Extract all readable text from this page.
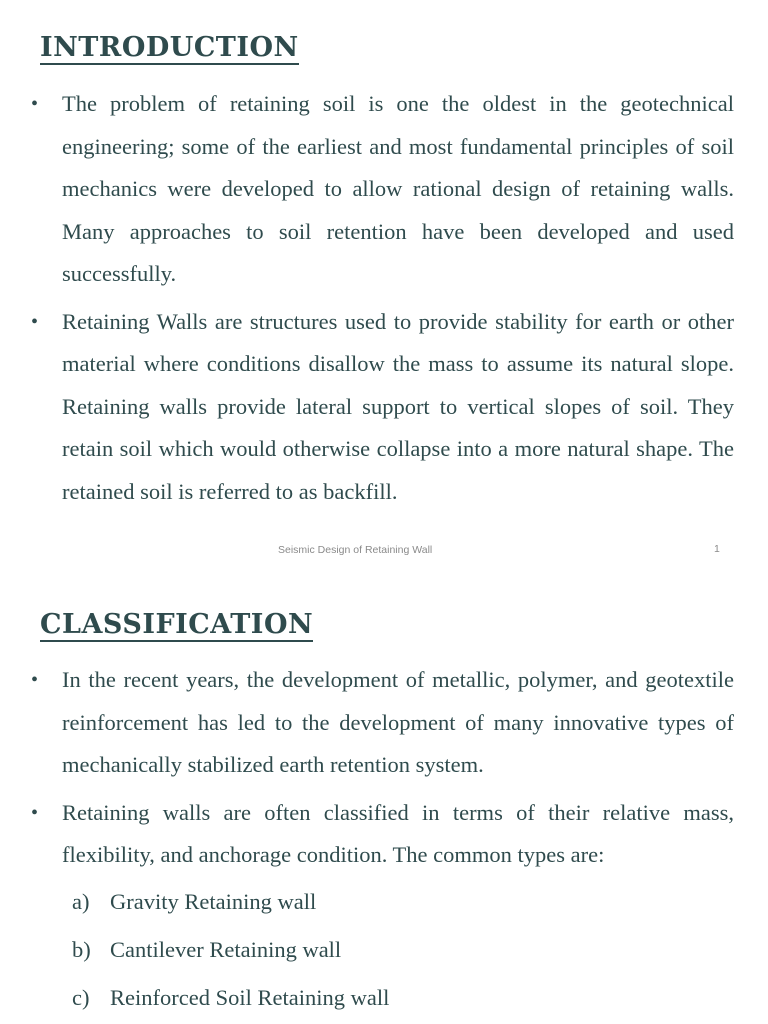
INTRODUCTION
• The problem of retaining soil is one the oldest in the geotechnical engineering; some of the earliest and most fundamental principles of soil mechanics were developed to allow rational design of retaining walls. Many approaches to soil retention have been developed and used successfully.
• Retaining Walls are structures used to provide stability for earth or other material where conditions disallow the mass to assume its natural slope. Retaining walls provide lateral support to vertical slopes of soil. They retain soil which would otherwise collapse into a more natural shape. The retained soil is referred to as backfill.
Seismic Design of Retaining Wall	1
CLASSIFICATION
• In the recent years, the development of metallic, polymer, and geotextile reinforcement has led to the development of many innovative types of mechanically stabilized earth retention system.
• Retaining walls are often classified in terms of their relative mass, flexibility, and anchorage condition. The common types are:
a) Gravity Retaining wall
b) Cantilever Retaining wall
c) Reinforced Soil Retaining wall
